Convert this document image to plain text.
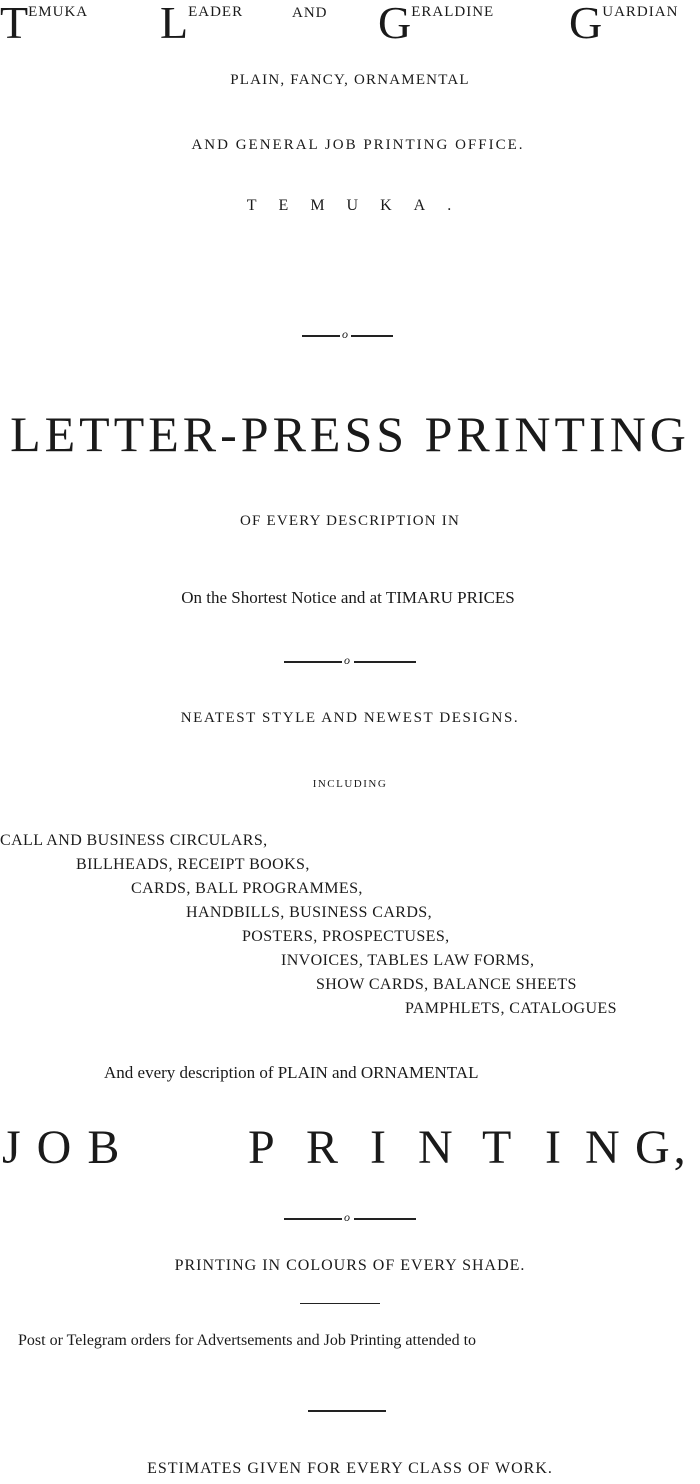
TEMUKA LEADER	AND GERALDINE GUARDIAN
PLAIN, FANCY, ORNAMENTAL
AND GENERAL JOB PRINTING OFFICE.
TEMUKA.
o
LETTER-PRESS PRINTING
OF EVERY DESCRIPTION IN
On the Shortest Notice and at TIMARU PRICES
o
NEATEST STYLE AND NEWEST DESIGNS.
INCLUDING
CALL AND BUSINESS CIRCULARS,
BILLHEADS, RECEIPT BOOKS,
CARDS, BALL PROGRAMMES,
HANDBILLS, BUSINESS CARDS,
POSTERS, PROSPECTUSES,
INVOICES, TABLES LAW FORMS,
SHOW CARDS, BALANCE SHEETS
PAMPHLETS, CATALOGUES
And every description of PLAIN and ORNAMENTAL
JOB P R I N T I N G,
o
PRINTING IN COLOURS OF EVERY SHADE.
Post or Telegram orders for Advertsements and Job Printing attended to
ESTIMATES GIVEN FOR EVERY CLASS OF WORK.
